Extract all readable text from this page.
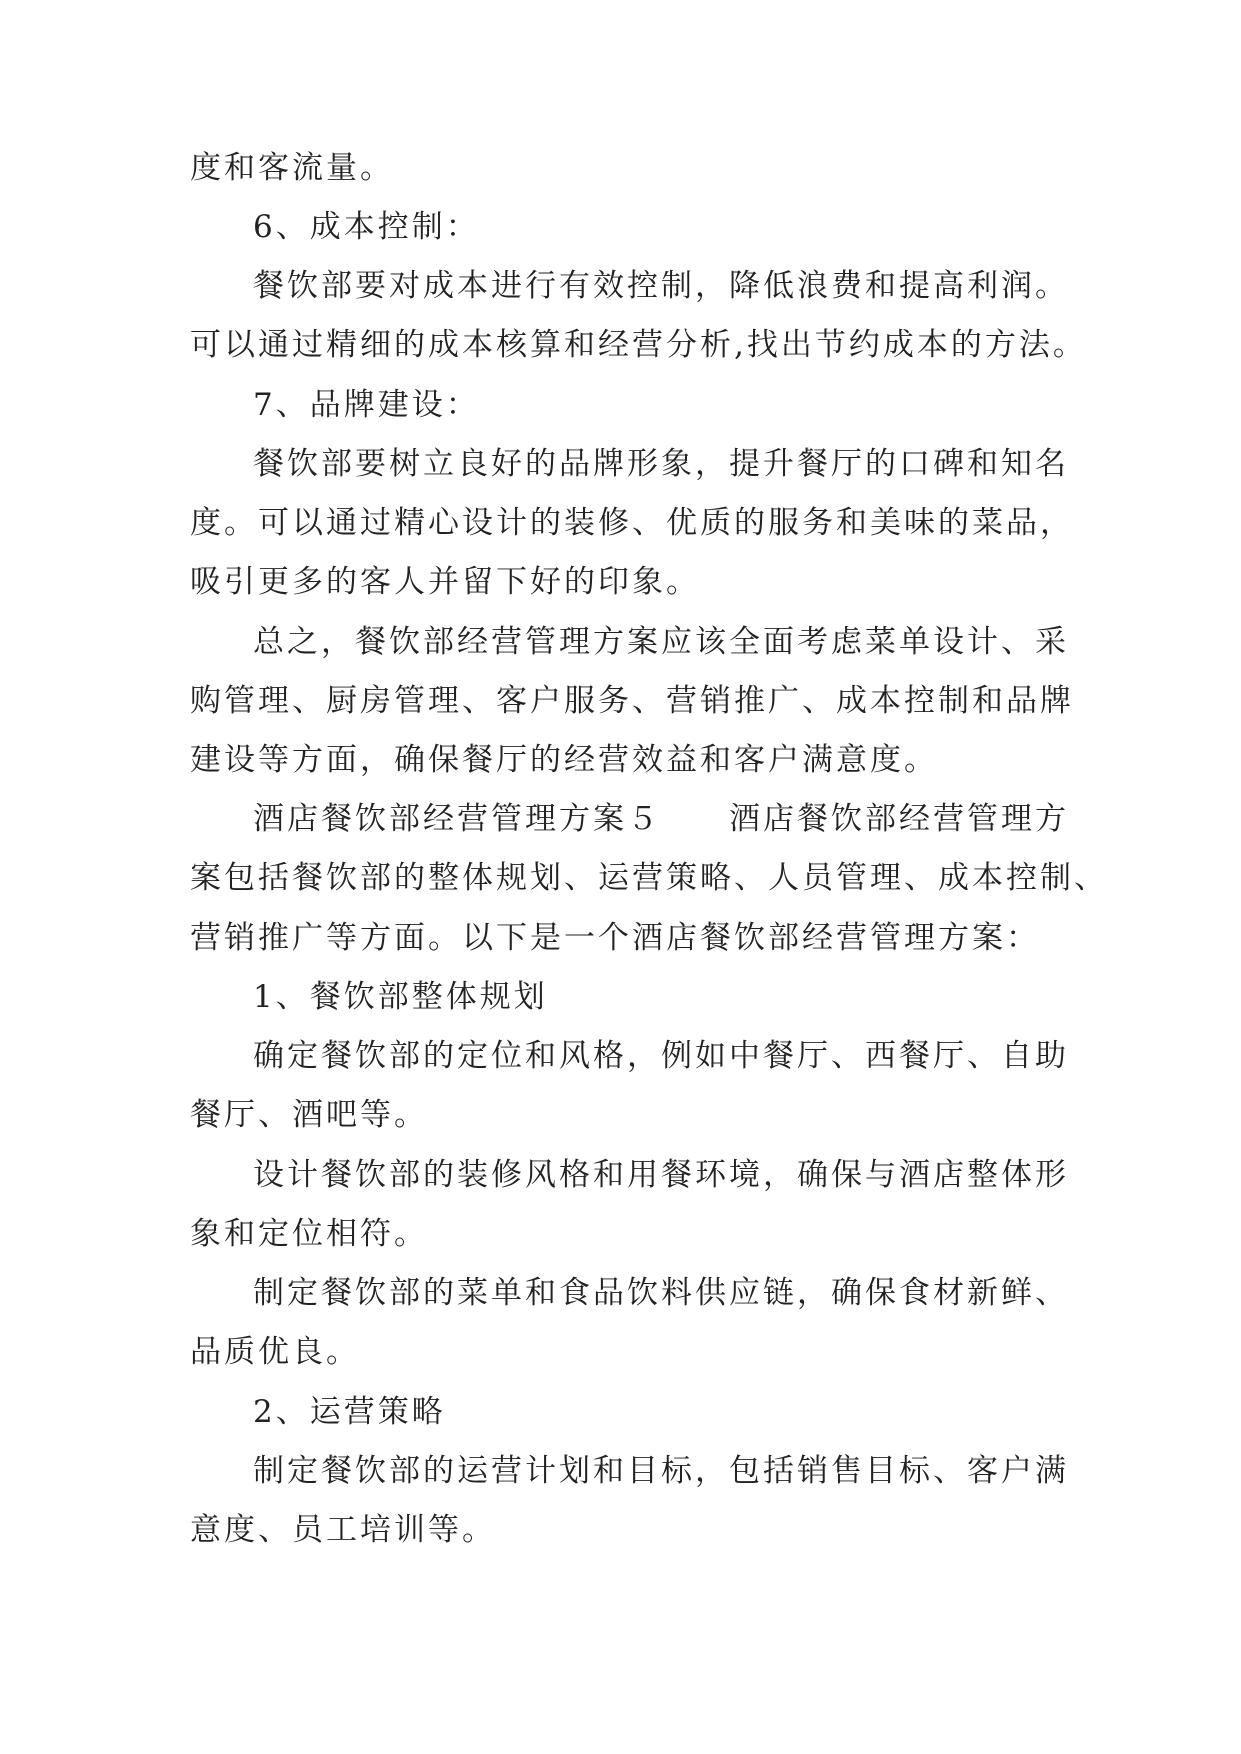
度和客流量。
6、成本控制：
餐饮部要对成本进行有效控制，降低浪费和提高利润。
可以通过精细的成本核算和经营分析,找出节约成本的方法。
7、品牌建设：
餐饮部要树立良好的品牌形象，提升餐厅的口碑和知名
度。可以通过精心设计的装修、优质的服务和美味的菜品，
吸引更多的客人并留下好的印象。
总之，餐饮部经营管理方案应该全面考虑菜单设计、采
购管理、厨房管理、客户服务、营销推广、成本控制和品牌
建设等方面，确保餐厅的经营效益和客户满意度。
酒店餐饮部经营管理方案５　　酒店餐饮部经营管理方
案包括餐饮部的整体规划、运营策略、人员管理、成本控制、
营销推广等方面。以下是一个酒店餐饮部经营管理方案：
1、餐饮部整体规划
确定餐饮部的定位和风格，例如中餐厅、西餐厅、自助
餐厅、酒吧等。
设计餐饮部的装修风格和用餐环境，确保与酒店整体形
象和定位相符。
制定餐饮部的菜单和食品饮料供应链，确保食材新鲜、
品质优良。
2、运营策略
制定餐饮部的运营计划和目标，包括销售目标、客户满
意度、员工培训等。
